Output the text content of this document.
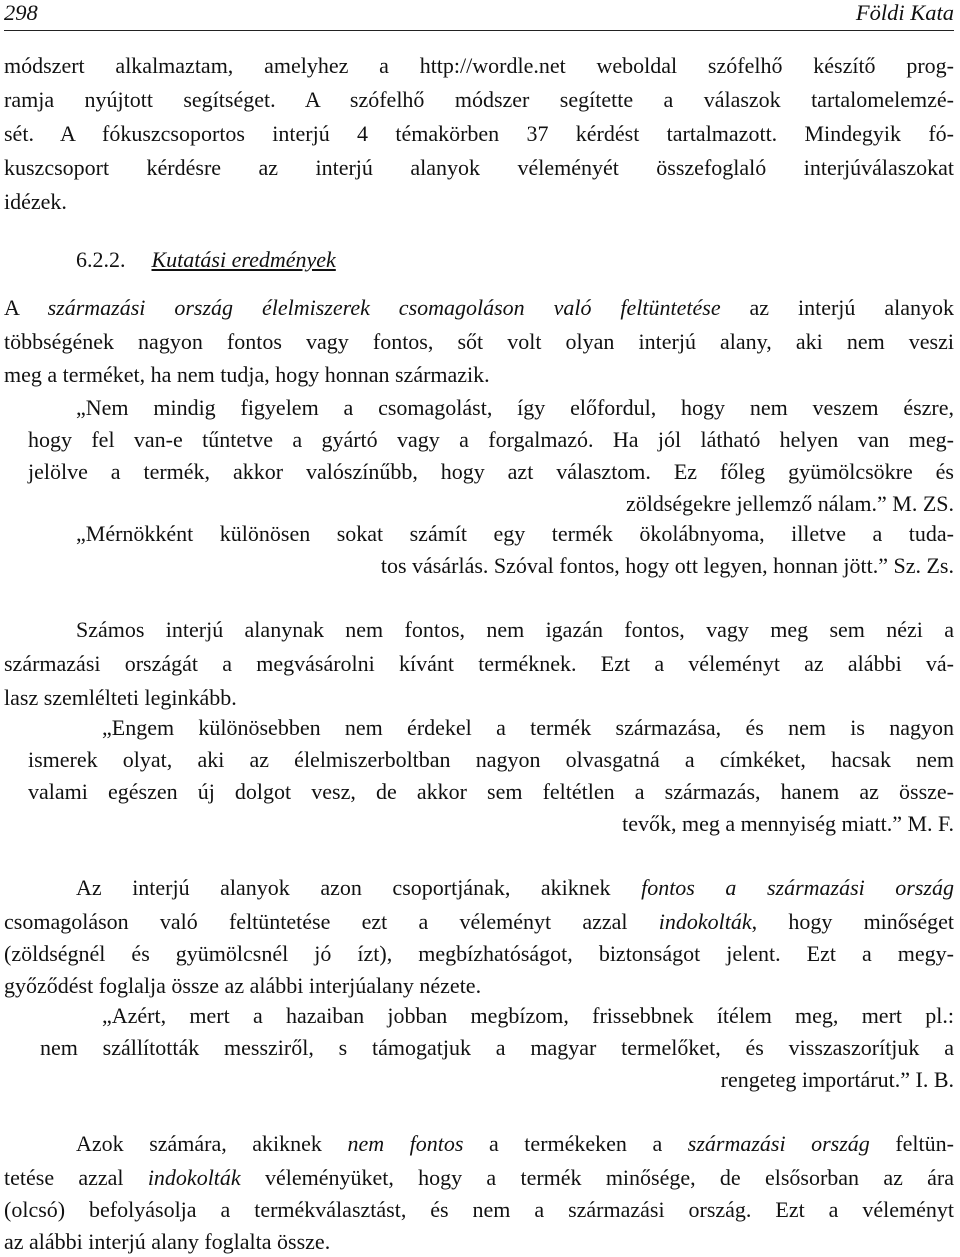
298	Földi Kata
módszert alkalmaztam, amelyhez a http://wordle.net weboldal szófelhő készítő prog-
ramja nyújtott segítséget. A szófelhő módszer segítette a válaszok tartalomelemzé-
sét. A fókuszcsoportos interjú 4 témakörben 37 kérdést tartalmazott. Mindegyik fó-
kuszcsoport kérdésre az interjú alanyok véleményét összefoglaló interjúválaszokat
idézek.
6.2.2. Kutatási eredmények
A származási ország élelmiszerek csomagoláson való feltüntetése az interjú alanyok
többségének nagyon fontos vagy fontos, sőt volt olyan interjú alany, aki nem veszi
meg a terméket, ha nem tudja, hogy honnan származik.
„Nem mindig figyelem a csomagolást, így előfordul, hogy nem veszem észre,
hogy fel van-e tűntetve a gyártó vagy a forgalmazó. Ha jól látható helyen van meg-
jelölve a termék, akkor valószínűbb, hogy azt választom. Ez főleg gyümölcsökre és
zöldségekre jellemző nálam.” M. ZS.
„Mérnökként különösen sokat számít egy termék ökolábnyoma, illetve a tuda-
tos vásárlás. Szóval fontos, hogy ott legyen, honnan jött.” Sz. Zs.
Számos interjú alanynak nem fontos, nem igazán fontos, vagy meg sem nézi a
származási országát a megvásárolni kívánt terméknek. Ezt a véleményt az alábbi vá-
lasz szemlélteti leginkább.
„Engem különösebben nem érdekel a termék származása, és nem is nagyon
ismerek olyat, aki az élelmiszerboltban nagyon olvasgatná a címkéket, hacsak nem
valami egészen új dolgot vesz, de akkor sem feltétlen a származás, hanem az össze-
tevők, meg a mennyiség miatt.” M. F.
Az interjú alanyok azon csoportjának, akiknek fontos a származási ország
csomagoláson való feltüntetése ezt a véleményt azzal indokolták, hogy minőséget
(zöldségnél és gyümölcsnél jó ízt), megbízhatóságot, biztonságot jelent. Ezt a megy-
győződést foglalja össze az alábbi interjúalany nézete.
„Azért, mert a hazaiban jobban megbízom, frissebbnek ítélem meg, mert pl.:
nem szállították messziről, s támogatjuk a magyar termelőket, és visszaszorítjuk a
rengeteg importárut.” I. B.
Azok számára, akiknek nem fontos a termékeken a származási ország feltün-
tetése azzal indokolták véleményüket, hogy a termék minősége, de elsősorban az ára
(olcsó) befolyásolja a termékválasztást, és nem a származási ország. Ezt a véleményt
az alábbi interjú alany foglalta össze.
